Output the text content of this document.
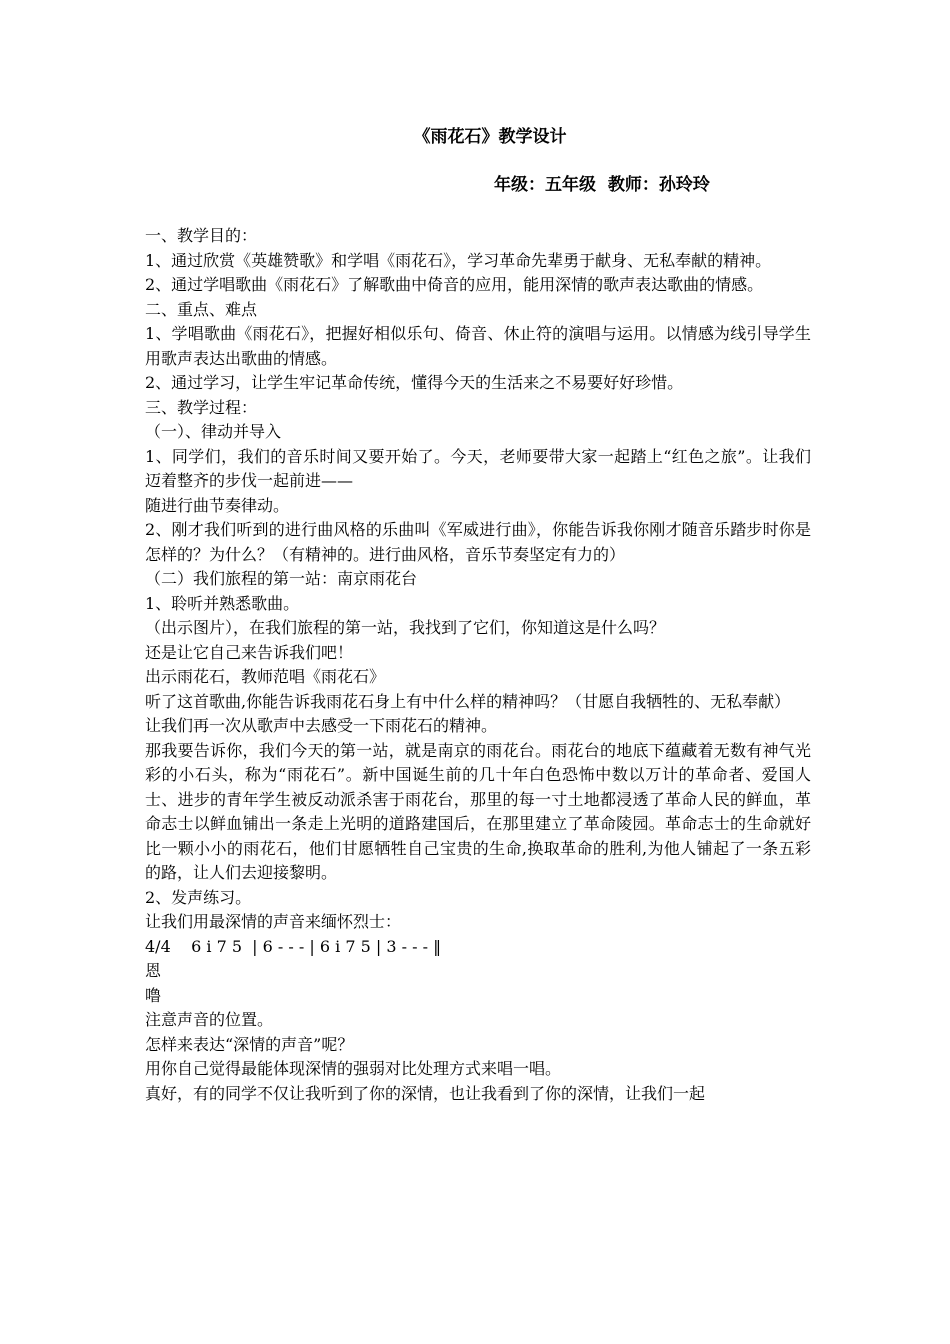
《雨花石》教学设计
年级：五年级  教师：孙玲玲

一、教学目的：

1、通过欣赏《英雄赞歌》和学唱《雨花石》，学习革命先辈勇于献身、无私奉献的精神。

2、通过学唱歌曲《雨花石》了解歌曲中倚音的应用，能用深情的歌声表达歌曲的情感。

二、重点、难点

1、学唱歌曲《雨花石》，把握好相似乐句、倚音、休止符的演唱与运用。以情感为线引导学生用歌声表达出歌曲的情感。

2、通过学习，让学生牢记革命传统，懂得今天的生活来之不易要好好珍惜。

三、教学过程：

（一）、律动并导入

1、同学们，我们的音乐时间又要开始了。今天，老师要带大家一起踏上“红色之旅”。让我们迈着整齐的步伐一起前进——

随进行曲节奏律动。

2、刚才我们听到的进行曲风格的乐曲叫《军威进行曲》，你能告诉我你刚才随音乐踏步时你是怎样的？为什么？（有精神的。进行曲风格，音乐节奏坚定有力的）

（二）我们旅程的第一站：南京雨花台

1、聆听并熟悉歌曲。

（出示图片），在我们旅程的第一站，我找到了它们，你知道这是什么吗？

还是让它自己来告诉我们吧！

出示雨花石，教师范唱《雨花石》

听了这首歌曲,你能告诉我雨花石身上有中什么样的精神吗？（甘愿自我牺牲的、无私奉献）

让我们再一次从歌声中去感受一下雨花石的精神。

那我要告诉你，我们今天的第一站，就是南京的雨花台。雨花台的地底下蕴藏着无数有神气光彩的小石头，称为“雨花石”。新中国诞生前的几十年白色恐怖中数以万计的革命者、爱国人士、进步的青年学生被反动派杀害于雨花台，那里的每一寸土地都浸透了革命人民的鲜血，革命志士以鲜血铺出一条走上光明的道路建国后，在那里建立了革命陵园。革命志士的生命就好比一颗小小的雨花石，他们甘愿牺牲自己宝贵的生命,换取革命的胜利,为他人铺起了一条五彩的路，让人们去迎接黎明。

2、发声练习。

让我们用最深情的声音来缅怀烈士：

4/4    6 i 7 5  | 6 - - - | 6 i 7 5 | 3 - - - ‖

恩

噜

注意声音的位置。

怎样来表达“深情的声音”呢？

用你自己觉得最能体现深情的强弱对比处理方式来唱一唱。

真好，有的同学不仅让我听到了你的深情，也让我看到了你的深情，让我们一起
